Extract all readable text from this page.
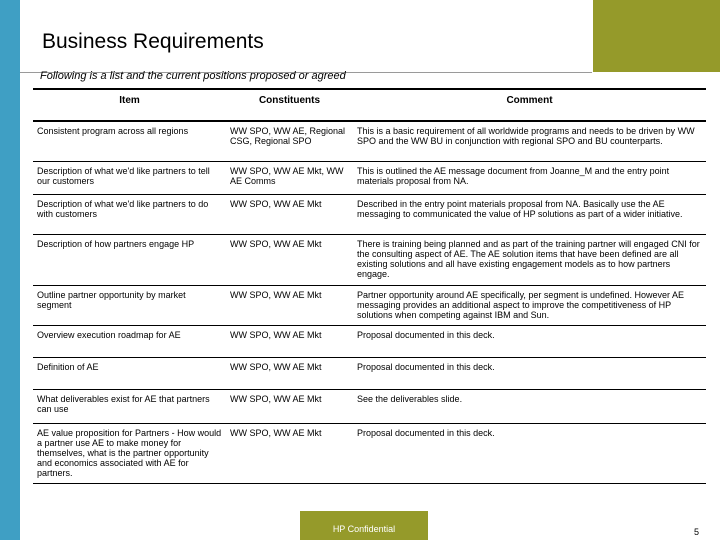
Business Requirements
Following is a list and the current positions proposed or agreed
Item	Constituents	Comment
Consistent program across all regions	WW SPO, WW AE, Regional CSG, Regional SPO	This is a basic requirement of all worldwide programs and needs to be driven by WW SPO and the WW BU in conjunction with regional SPO and BU counterparts.
Description of what we'd like partners to tell our customers	WW SPO, WW AE Mkt, WW AE Comms	This is outlined the AE message document from Joanne_M and the entry point materials proposal from NA.
Description of what we'd like partners to do with customers	WW SPO, WW AE Mkt	Described in the entry point materials proposal from NA. Basically use the AE messaging to communicated the value of HP solutions as part of a wider initiative.
Description of how partners engage HP	WW SPO, WW AE Mkt	There is training being planned and as part of the training partner will engaged CNI for the consulting aspect of AE. The AE solution items that have been defined are all existing solutions and all have existing engagement models as to how partners engage.
Outline partner opportunity by market segment	WW SPO, WW AE Mkt	Partner opportunity around AE specifically, per segment is undefined. However AE messaging provides an additional aspect to improve the competitiveness of HP solutions when competing against IBM and Sun.
Overview execution roadmap for AE	WW SPO, WW AE Mkt	Proposal documented in this deck.
Definition of AE	WW SPO, WW AE Mkt	Proposal documented in this deck.
What deliverables exist for AE that partners can use	WW SPO, WW AE Mkt	See the deliverables slide.
AE value proposition for Partners - How would a partner use AE to make money for themselves, what is the partner opportunity and economics associated with AE for partners.	WW SPO, WW AE Mkt	Proposal documented in this deck.
HP Confidential	5
